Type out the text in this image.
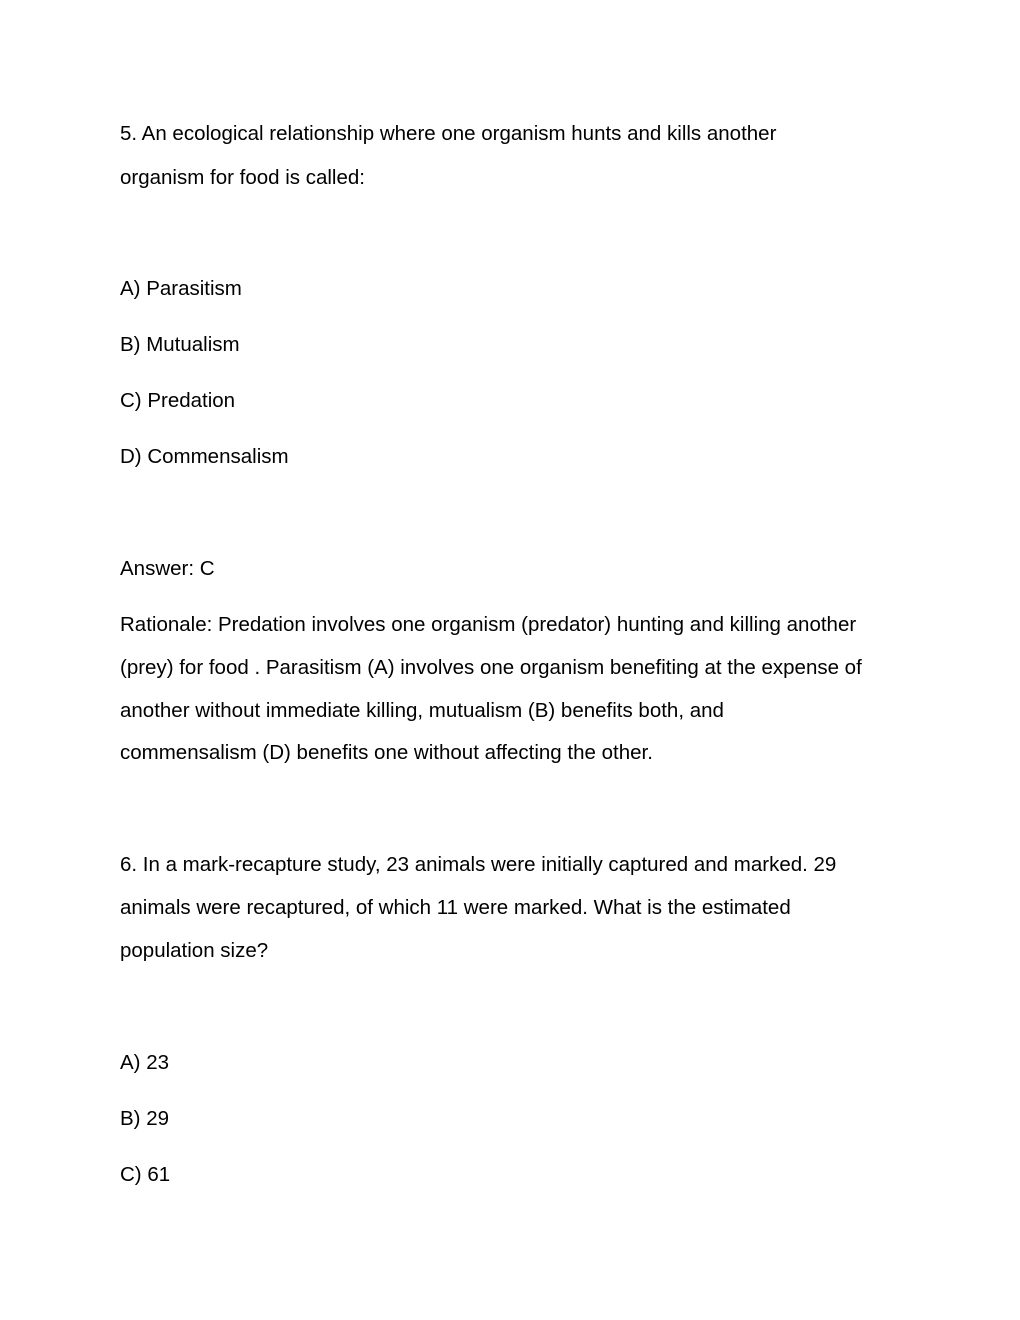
5. An ecological relationship where one organism hunts and kills another
organism for food is called:
A) Parasitism
B) Mutualism
C) Predation
D) Commensalism
Answer: C
Rationale: Predation involves one organism (predator) hunting and killing another
(prey) for food . Parasitism (A) involves one organism benefiting at the expense of
another without immediate killing, mutualism (B) benefits both, and
commensalism (D) benefits one without affecting the other.
6. In a mark-recapture study, 23 animals were initially captured and marked. 29
animals were recaptured, of which 11 were marked. What is the estimated
population size?
A) 23
B) 29
C) 61
